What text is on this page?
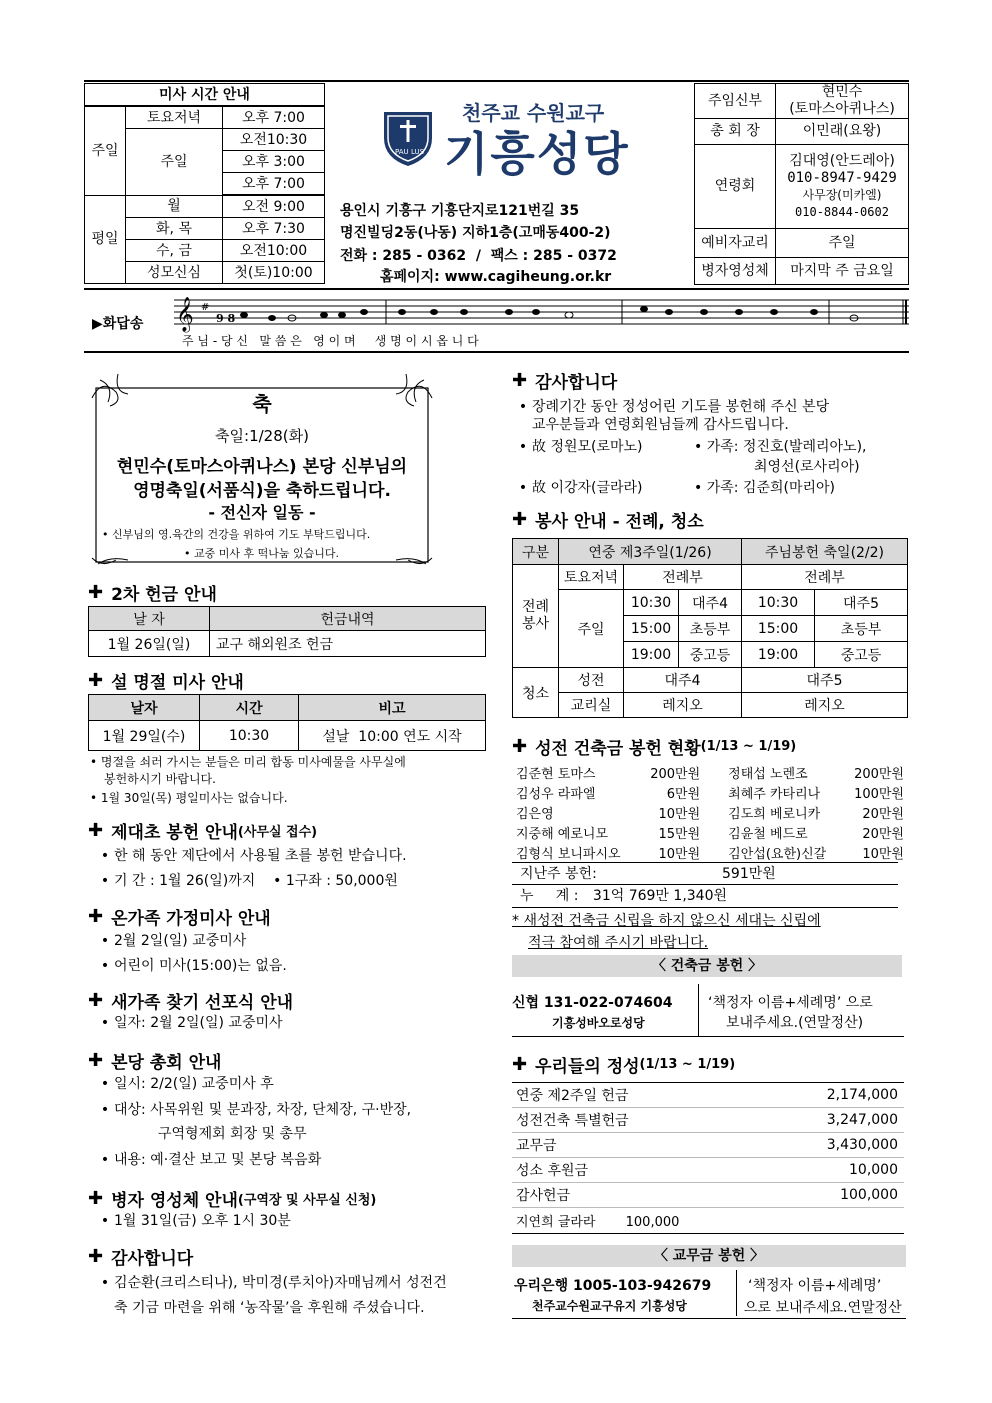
미사 시간 안내		
주일	토요저녁	오후 7:00
	주일	오전10:30
		오후 3:00
		오후 7:00
평일	월	오전 9:00
	화, 목	오후 7:30
	수, 금	오전10:00
	성모신심	첫(토)10:00
PAU LUS
천주교 수원교구
기흥성당
용인시 기흥구 기흥단지로121번길 35
명진빌딩2동(나동) 지하1층(고매동400-2)
전화 : 285 - 0362  /  팩스 : 285 - 0372
홈페이지: www.cagiheung.or.kr
주임신부	현민수
(토마스아퀴나스)

총 회 장	이민래(요왕)
연령회	김대영(안드레아)
010-8947-9429
사무장(미카엘)
010-8844-0602

예비자교리	주일
병자영성체	마지막 주 금요일
▶화답송 𝄞 #
9 8
주 님 - 당 신   말 씀 은   영 이 며     생 명 이 시 옵 니 다
축
축일:1/28(화)
현민수(토마스아퀴나스) 본당 신부님의
영명축일(서품식)을 축하드립니다.
- 전신자 일동 -
• 신부님의 영.육간의 건강을 위하여 기도 부탁드립니다.
• 교중 미사 후 떡나눔 있습니다.
✚ 2차 헌금 안내
날 자	헌금내역
1월 26일(일)	교구 해외원조 헌금
✚ 설 명절 미사 안내
날자	시간	비고
1월 29일(수)	10:30	설날  10:00 연도 시작
• 명절을 쇠러 가시는 분들은 미리 합동 미사예물을 사무실에
봉헌하시기 바랍니다.
• 1월 30일(목) 평일미사는 없습니다.
✚ 제대초 봉헌 안내 (사무실 접수)
• 한 해 동안 제단에서 사용될 초를 봉헌 받습니다.
• 기 간 : 1월 26(일)까지    • 1구좌 : 50,000원
✚ 온가족 가정미사 안내
• 2월 2일(일) 교중미사
• 어린이 미사(15:00)는 없음.
✚ 새가족 찾기 선포식 안내
• 일자: 2월 2일(일) 교중미사
✚ 본당 총회 안내
• 일시: 2/2(일) 교중미사 후
• 대상: 사목위원 및 분과장, 차장, 단체장, 구·반장,
구역형제회 회장 및 총무
• 내용: 예·결산 보고 및 본당 복음화
✚ 병자 영성체 안내 (구역장 및 사무실 신청)
• 1월 31일(금) 오후 1시 30분
✚ 감사합니다
• 김순환(크리스티나), 박미경(루치아)자매님께서 성전건
축 기금 마련을 위해 ‘농작물’을 후원해 주셨습니다.
✚ 감사합니다
• 장례기간 동안 정성어린 기도를 봉헌해 주신 본당
교우분들과 연령회원님들께 감사드립니다.
• 故 정원모(로마노)	• 가족: 정진호(발레리아노),
최영선(로사리아)
• 故 이강자(글라라)	• 가족: 김준희(마리아)
✚ 봉사 안내 - 전례, 청소
구분	연중 제3주일(1/26)			주님봉헌 축일(2/2)	
전례봉사	토요저녁	전례부		전례부	
	주일	10:30	대주4	10:30	대주5
		15:00	초등부	15:00	초등부
		19:00	중고등	19:00	중고등
청소	성전	대주4		대주5	
	교리실	레지오		레지오	
✚ 성전 건축금 봉헌 현황 (1/13 ~ 1/19)
김준현 토마스	200만원	정태섭 노렌조	200만원
김성우 라파엘	6만원	최혜주 카타리나	100만원
김은영	10만원	김도희 베로니카	20만원
지중해 예로니모	15만원	김윤철 베드로	20만원
김형식 보니파시오	10만원	김안섭(요한)신갈	10만원
지난주 봉헌:	591만원
누     계 : 31억 769만 1,340원
* 새성전 건축금 신립을 하지 않으신 세대는 신립에
적극 참여해 주시기 바랍니다.
〈 건축금 봉헌 〉
신협 131-022-074604
기흥성바오로성당
‘책정자 이름+세례명’ 으로
보내주세요.(연말정산)
✚ 우리들의 정성 (1/13 ~ 1/19)
연중 제2주일 헌금	2,174,000
성전건축 특별헌금	3,247,000
교무금	3,430,000
성소 후원금	10,000
감사헌금	100,000
지연희 글라라 100,000
〈 교무금 봉헌 〉
우리은행 1005-103-942679
천주교수원교구유지 기흥성당
‘책정자 이름+세례명’
으로 보내주세요.연말정산
